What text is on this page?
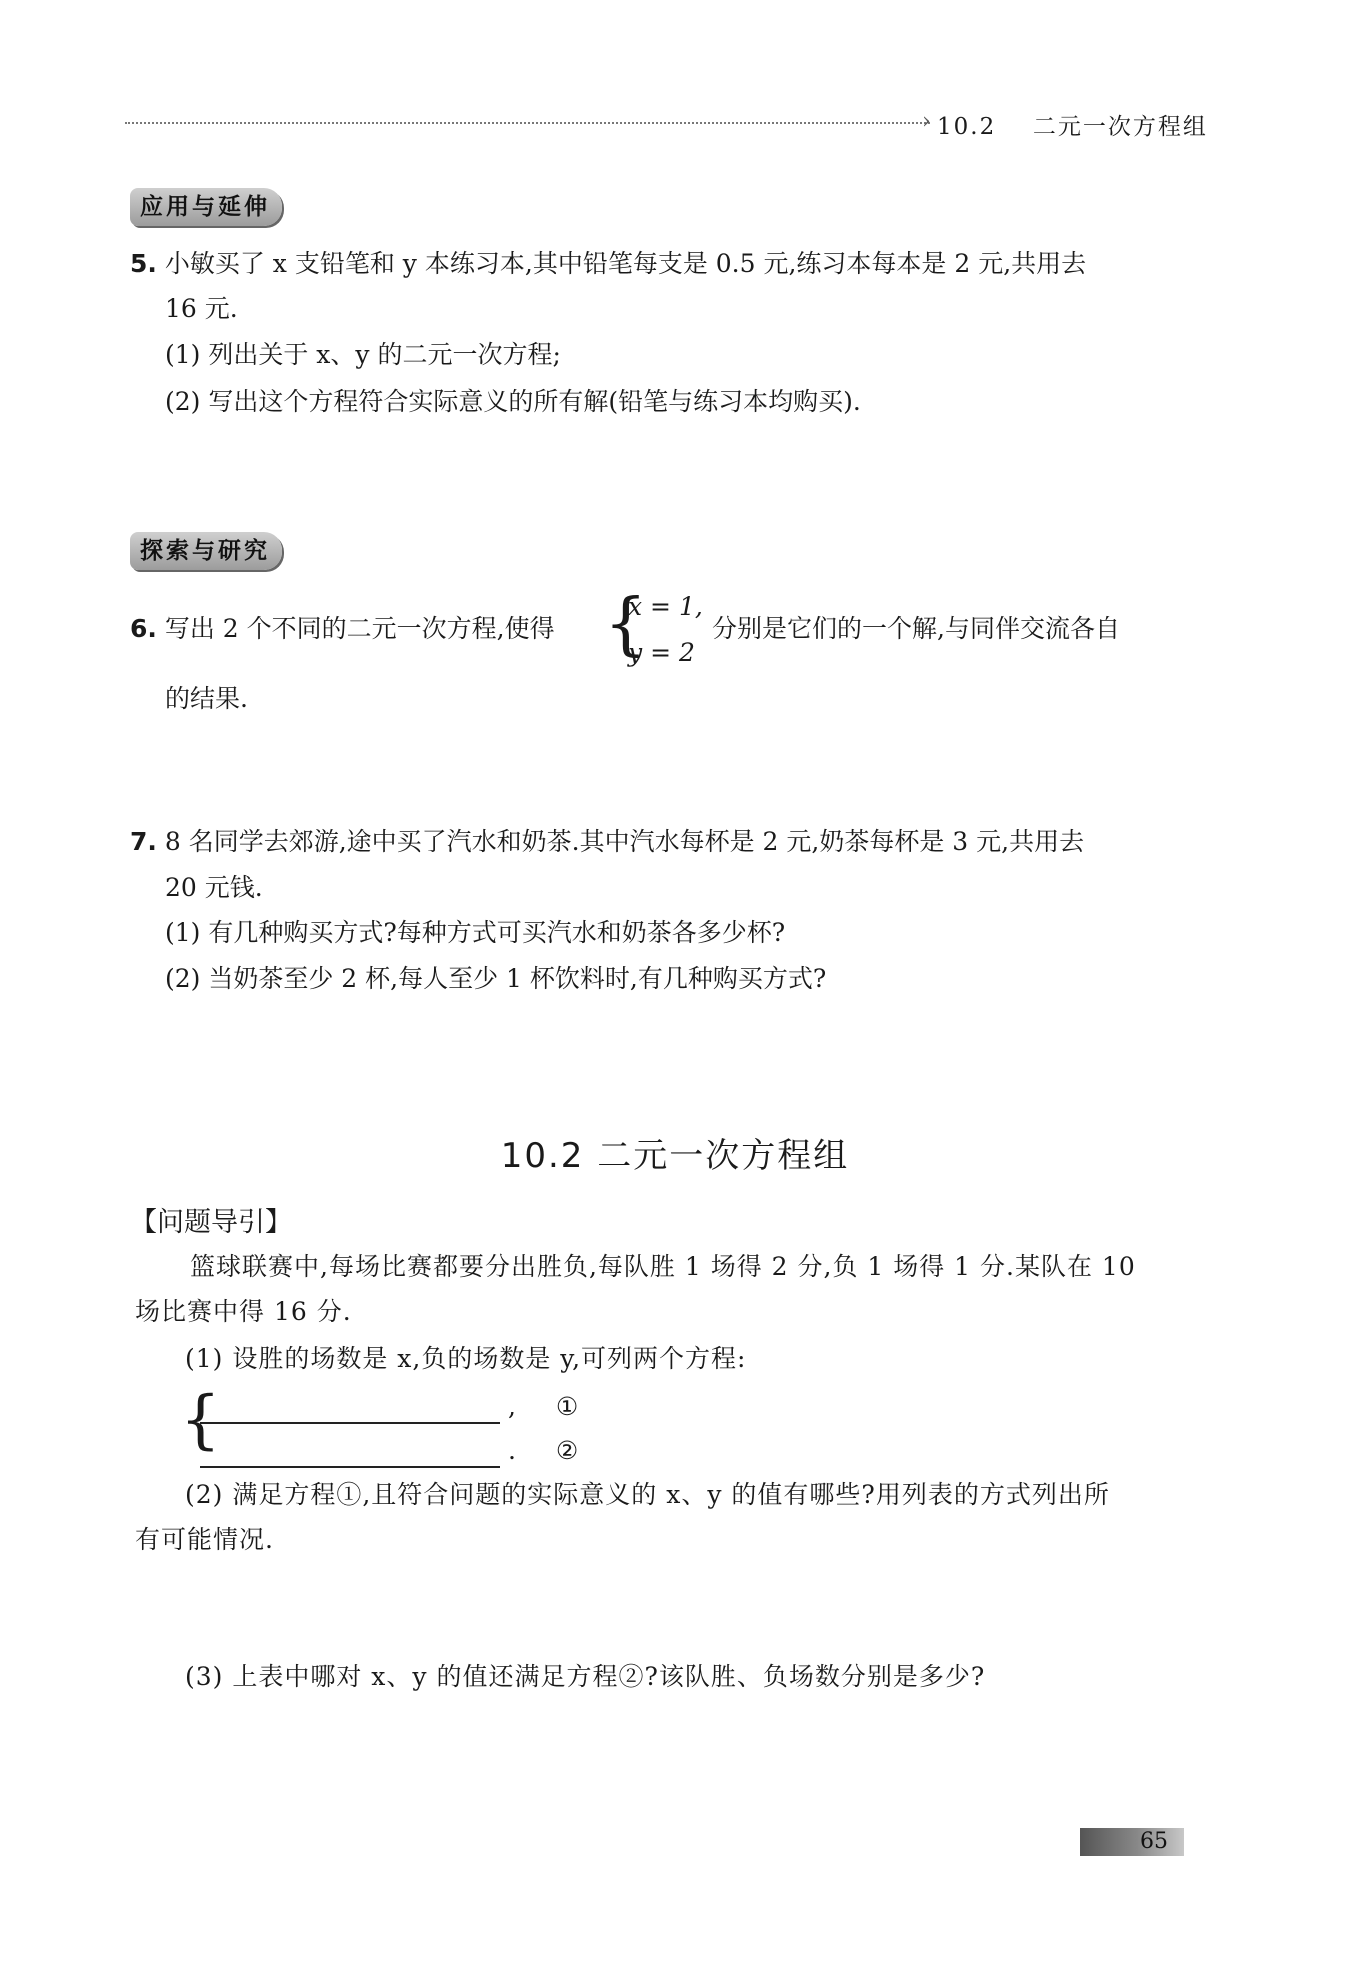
› 10.2 二元一次方程组
应用与延伸
5. 小敏买了 x 支铅笔和 y 本练习本,其中铅笔每支是 0.5 元,练习本每本是 2 元,共用去
16 元.
(1) 列出关于 x、y 的二元一次方程;
(2) 写出这个方程符合实际意义的所有解(铅笔与练习本均购买).
探索与研究
6. 写出 2 个不同的二元一次方程,使得 {
x = 1,
y = 2
分别是它们的一个解,与同伴交流各自
的结果.
7. 8 名同学去郊游,途中买了汽水和奶茶.其中汽水每杯是 2 元,奶茶每杯是 3 元,共用去
20 元钱.
(1) 有几种购买方式?每种方式可买汽水和奶茶各多少杯?
(2) 当奶茶至少 2 杯,每人至少 1 杯饮料时,有几种购买方式?
10.2 二元一次方程组
【问题导引】
篮球联赛中,每场比赛都要分出胜负,每队胜 1 场得 2 分,负 1 场得 1 分.某队在 10
场比赛中得 16 分.
(1) 设胜的场数是 x,负的场数是 y,可列两个方程:
{	, ①
. ②
(2) 满足方程①,且符合问题的实际意义的 x、y 的值有哪些?用列表的方式列出所
有可能情况.
(3) 上表中哪对 x、y 的值还满足方程②?该队胜、负场数分别是多少?
65
